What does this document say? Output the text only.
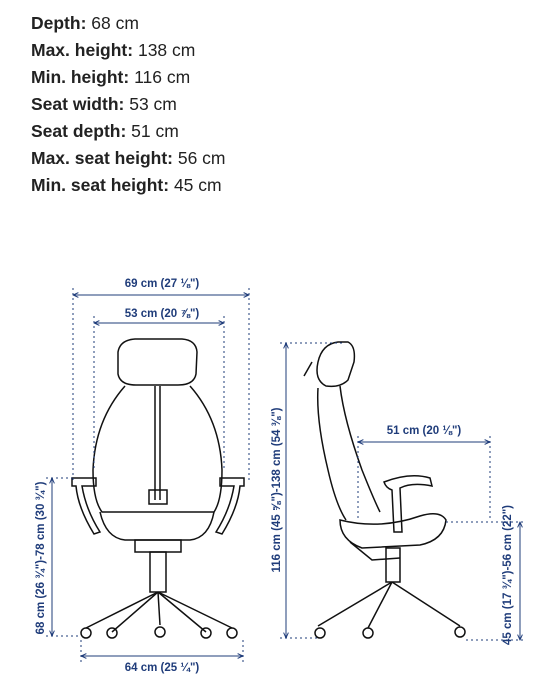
Depth: 68 cm
Max. height: 138 cm
Min. height: 116 cm
Seat width: 53 cm
Seat depth: 51 cm
Max. seat height: 56 cm
Min. seat height: 45 cm
69 cm (27 ⅛")
53 cm (20 ⅞")
68 cm (26 ¾")-78 cm (30 ¾")
64 cm (25 ¼")
116 cm (45 ⅝")-138 cm (54 ⅜")	51 cm (20 ⅛")
45 cm (17 ¾")-56 cm (22")
